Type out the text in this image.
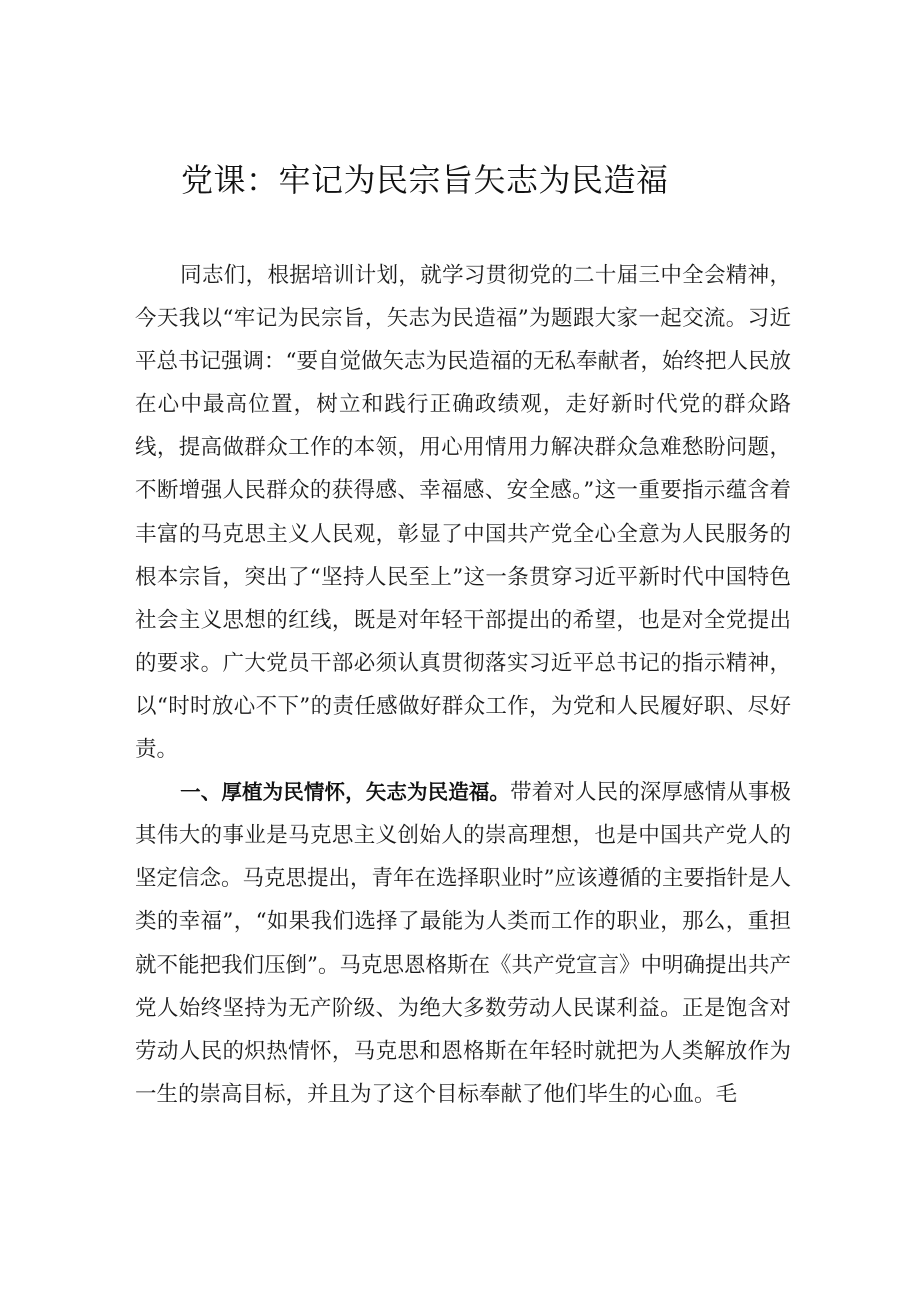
党课：牢记为民宗旨矢志为民造福

同志们，根据培训计划，就学习贯彻党的二十届三中全会精神，今天我以“牢记为民宗旨，矢志为民造福”为题跟大家一起交流。习近平总书记强调：“要自觉做矢志为民造福的无私奉献者，始终把人民放在心中最高位置，树立和践行正确政绩观，走好新时代党的群众路线，提高做群众工作的本领，用心用情用力解决群众急难愁盼问题，不断增强人民群众的获得感、幸福感、安全感。”这一重要指示蕴含着丰富的马克思主义人民观，彰显了中国共产党全心全意为人民服务的根本宗旨，突出了“坚持人民至上”这一条贯穿习近平新时代中国特色社会主义思想的红线，既是对年轻干部提出的希望，也是对全党提出的要求。广大党员干部必须认真贯彻落实习近平总书记的指示精神，以“时时放心不下”的责任感做好群众工作，为党和人民履好职、尽好责。

一、厚植为民情怀，矢志为民造福。带着对人民的深厚感情从事极其伟大的事业是马克思主义创始人的崇高理想，也是中国共产党人的坚定信念。马克思提出，青年在选择职业时”应该遵循的主要指针是人类的幸福”，“如果我们选择了最能为人类而工作的职业，那么，重担就不能把我们压倒”。马克思恩格斯在《共产党宣言》中明确提出共产党人始终坚持为无产阶级、为绝大多数劳动人民谋利益。正是饱含对劳动人民的炽热情怀，马克思和恩格斯在年轻时就把为人类解放作为一生的崇高目标，并且为了这个目标奉献了他们毕生的心血。毛
